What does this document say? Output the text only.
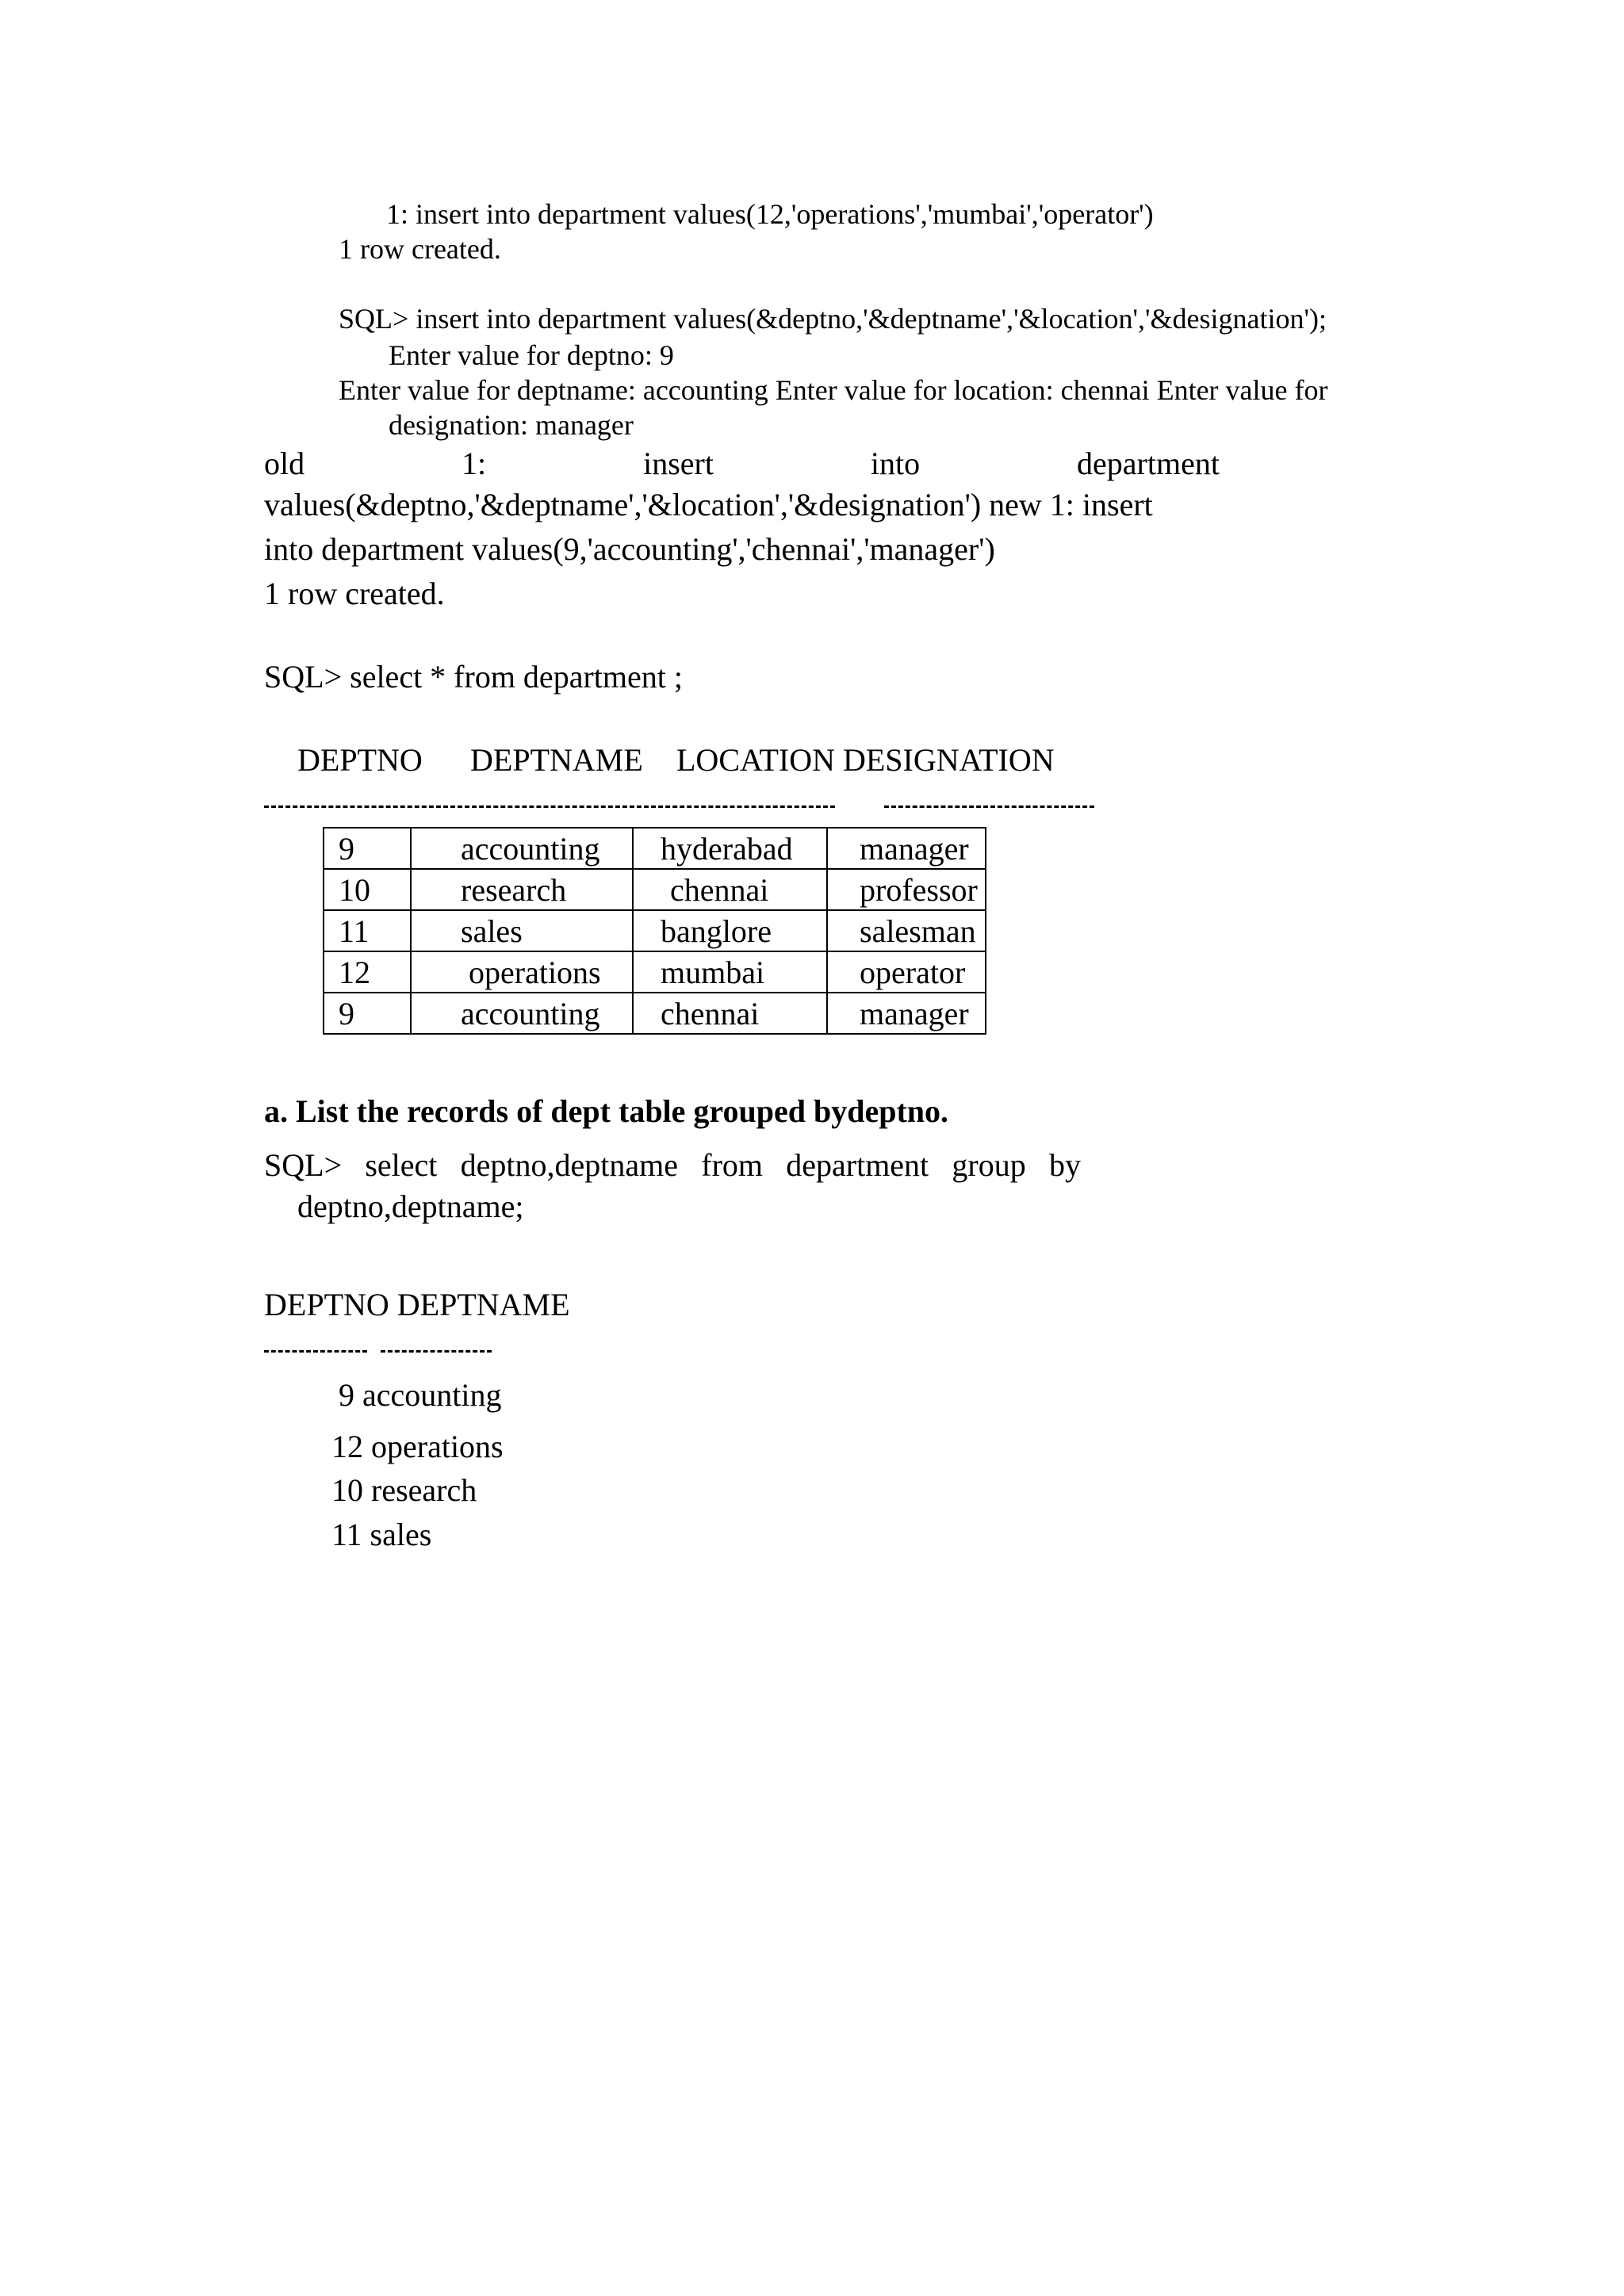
1: insert into department values(12,'operations','mumbai','operator')
1 row created.
SQL> insert into department values(&deptno,'&deptname','&location','&designation');
Enter value for deptno: 9
Enter value for deptname: accounting Enter value for location: chennai Enter value for
designation: manager
old	1:	insert	into	department
values(&deptno,'&deptname','&location','&designation') new 1: insert
into department values(9,'accounting','chennai','manager')
1 row created.
SQL> select * from department ;
DEPTNO DEPTNAME LOCATION DESIGNATION
9	accounting	hyderabad	manager
10	research	chennai	professor
11	sales	banglore	salesman
12	operations	mumbai	operator
9	accounting	chennai	manager
a. List the records of dept table grouped bydeptno.
SQL> select deptno,deptname from department group by
deptno,deptname;
DEPTNO DEPTNAME
9 accounting
12 operations
10 research
11 sales
